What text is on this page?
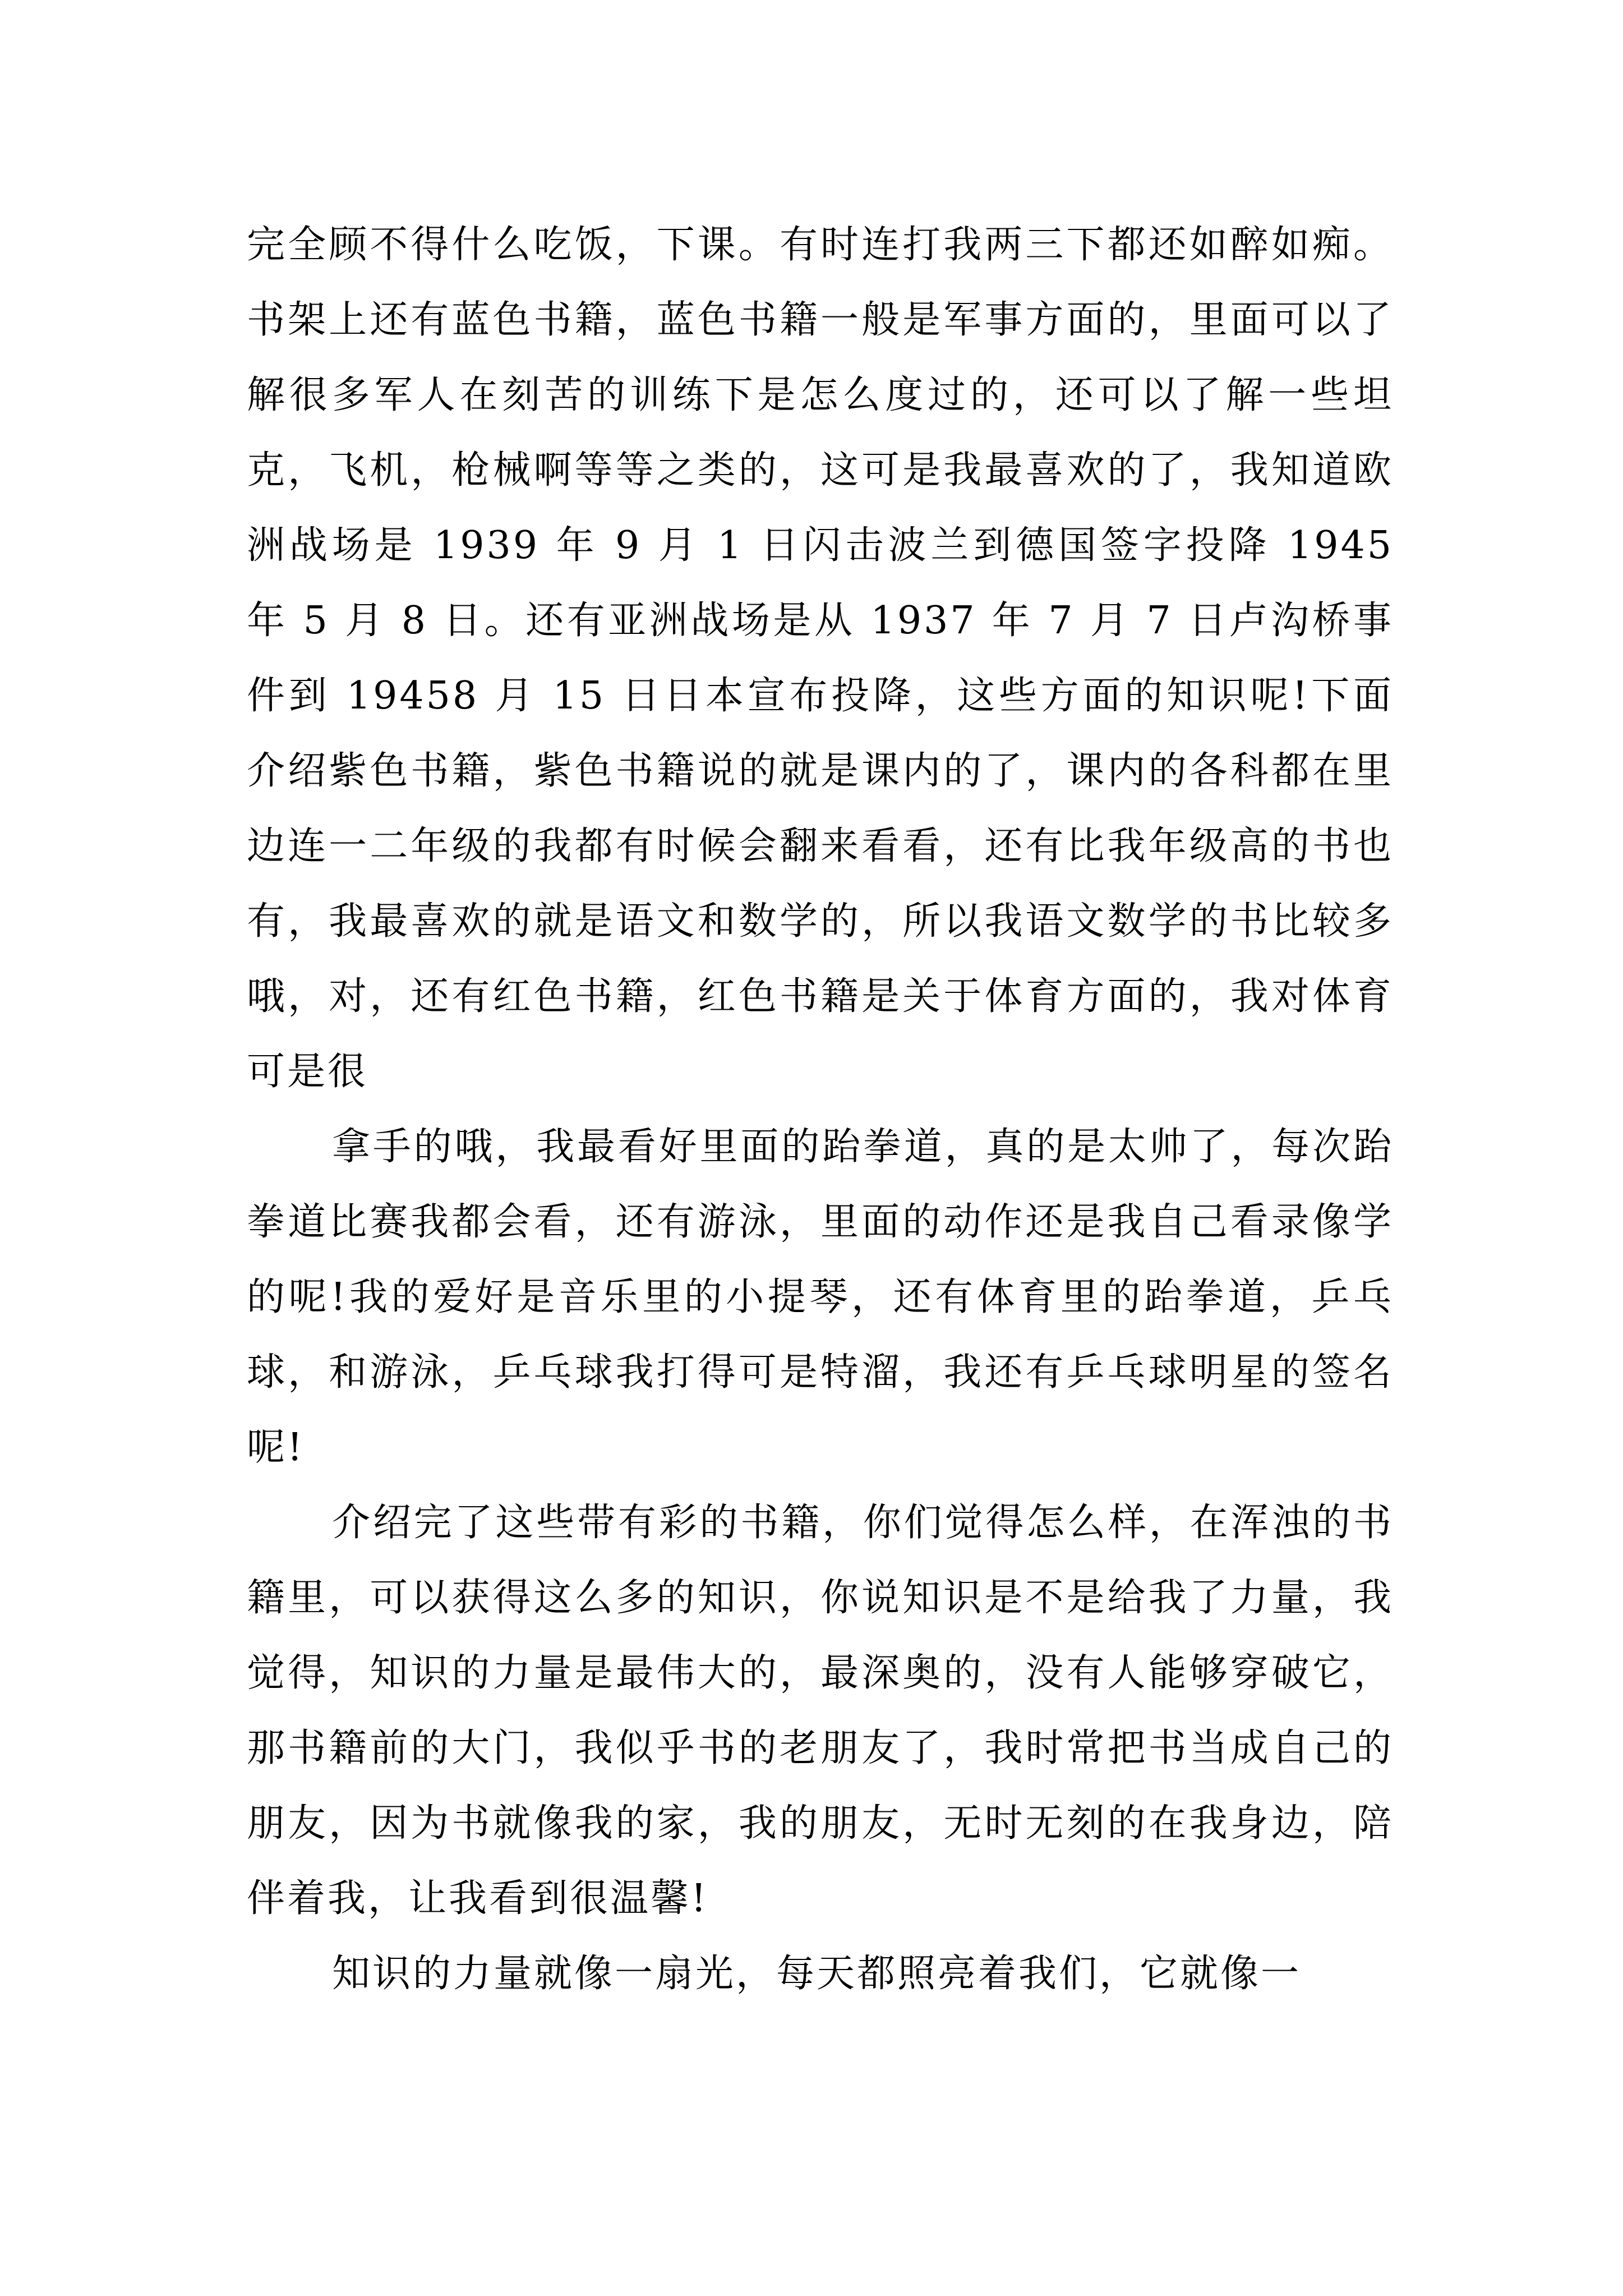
完全顾不得什么吃饭，下课。有时连打我两三下都还如醉如痴。书架上还有蓝色书籍，蓝色书籍一般是军事方面的，里面可以了解很多军人在刻苦的训练下是怎么度过的，还可以了解一些坦克，飞机，枪械啊等等之类的，这可是我最喜欢的了，我知道欧洲战场是 1939 年 9 月 1 日闪击波兰到德国签字投降 1945 年 5 月 8 日。还有亚洲战场是从 1937 年 7 月 7 日卢沟桥事件到 19458 月 15 日日本宣布投降，这些方面的知识呢!下面介绍紫色书籍，紫色书籍说的就是课内的了，课内的各科都在里边连一二年级的我都有时候会翻来看看，还有比我年级高的书也有，我最喜欢的就是语文和数学的，所以我语文数学的书比较多哦，对，还有红色书籍，红色书籍是关于体育方面的，我对体育可是很

拿手的哦，我最看好里面的跆拳道，真的是太帅了，每次跆拳道比赛我都会看，还有游泳，里面的动作还是我自己看录像学的呢!我的爱好是音乐里的小提琴，还有体育里的跆拳道，乒乓球，和游泳，乒乓球我打得可是特溜，我还有乒乓球明星的签名呢!

介绍完了这些带有彩的书籍，你们觉得怎么样，在浑浊的书籍里，可以获得这么多的知识，你说知识是不是给我了力量，我觉得，知识的力量是最伟大的，最深奥的，没有人能够穿破它，那书籍前的大门，我似乎书的老朋友了，我时常把书当成自己的朋友，因为书就像我的家，我的朋友，无时无刻的在我身边，陪伴着我，让我看到很温馨!

知识的力量就像一扇光，每天都照亮着我们，它就像一
